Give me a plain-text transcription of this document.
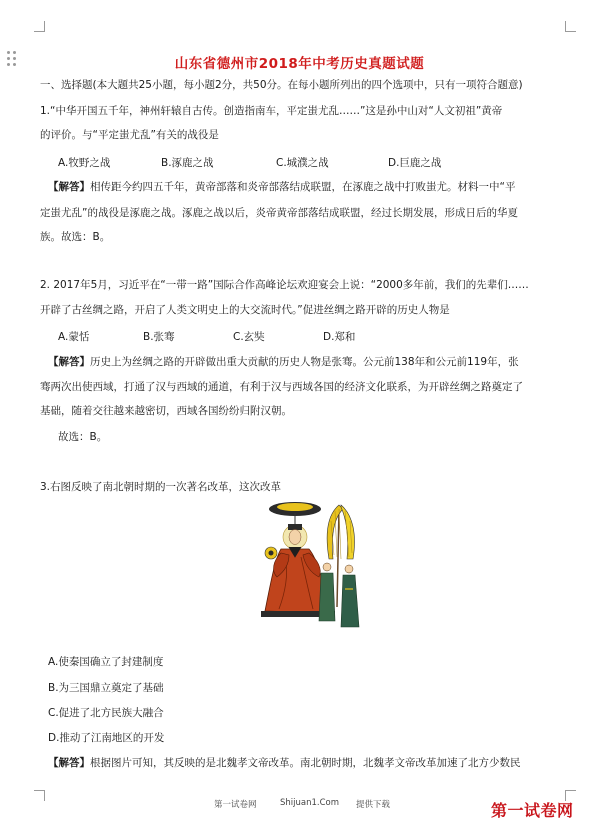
山东省德州市2018年中考历史真题试题
一、选择题(本大题共25小题，每小题2分，共50分。在每小题所列出的四个选项中，只有一项符合题意)
1.“中华开国五千年，神州轩辕自古传。创造指南车，平定蚩尤乱……”这是孙中山对“人文初祖”黄帝
的评价。与“平定蚩尤乱”有关的战役是
A.牧野之战	B.涿鹿之战	C.城濮之战	D.巨鹿之战
【解答】相传距今约四五千年，黄帝部落和炎帝部落结成联盟，在涿鹿之战中打败蚩尤。材料一中“平
定蚩尤乱”的战役是涿鹿之战。涿鹿之战以后，炎帝黄帝部落结成联盟，经过长期发展，形成日后的华夏
族。故选：B。
2. 2017年5月，习近平在“一带一路”国际合作高峰论坛欢迎宴会上说：“2000多年前，我们的先辈们……
开辟了古丝绸之路，开启了人类文明史上的大交流时代。”促进丝绸之路开辟的历史人物是
A.蒙恬	B.张骞	C.玄奘	D.郑和
【解答】历史上为丝绸之路的开辟做出重大贡献的历史人物是张骞。公元前138年和公元前119年，张
骞两次出使西域，打通了汉与西域的通道，有利于汉与西域各国的经济文化联系，为开辟丝绸之路奠定了
基础，随着交往越来越密切，西域各国纷纷归附汉朝。
故选：B。
3.右图反映了南北朝时期的一次著名改革，这次改革
A.使秦国确立了封建制度
B.为三国鼎立奠定了基础
C.促进了北方民族大融合
D.推动了江南地区的开发
【解答】根据图片可知，其反映的是北魏孝文帝改革。南北朝时期，北魏孝文帝改革加速了北方少数民
第一试卷网	Shijuan1.Com 提供下载	第一试卷网
